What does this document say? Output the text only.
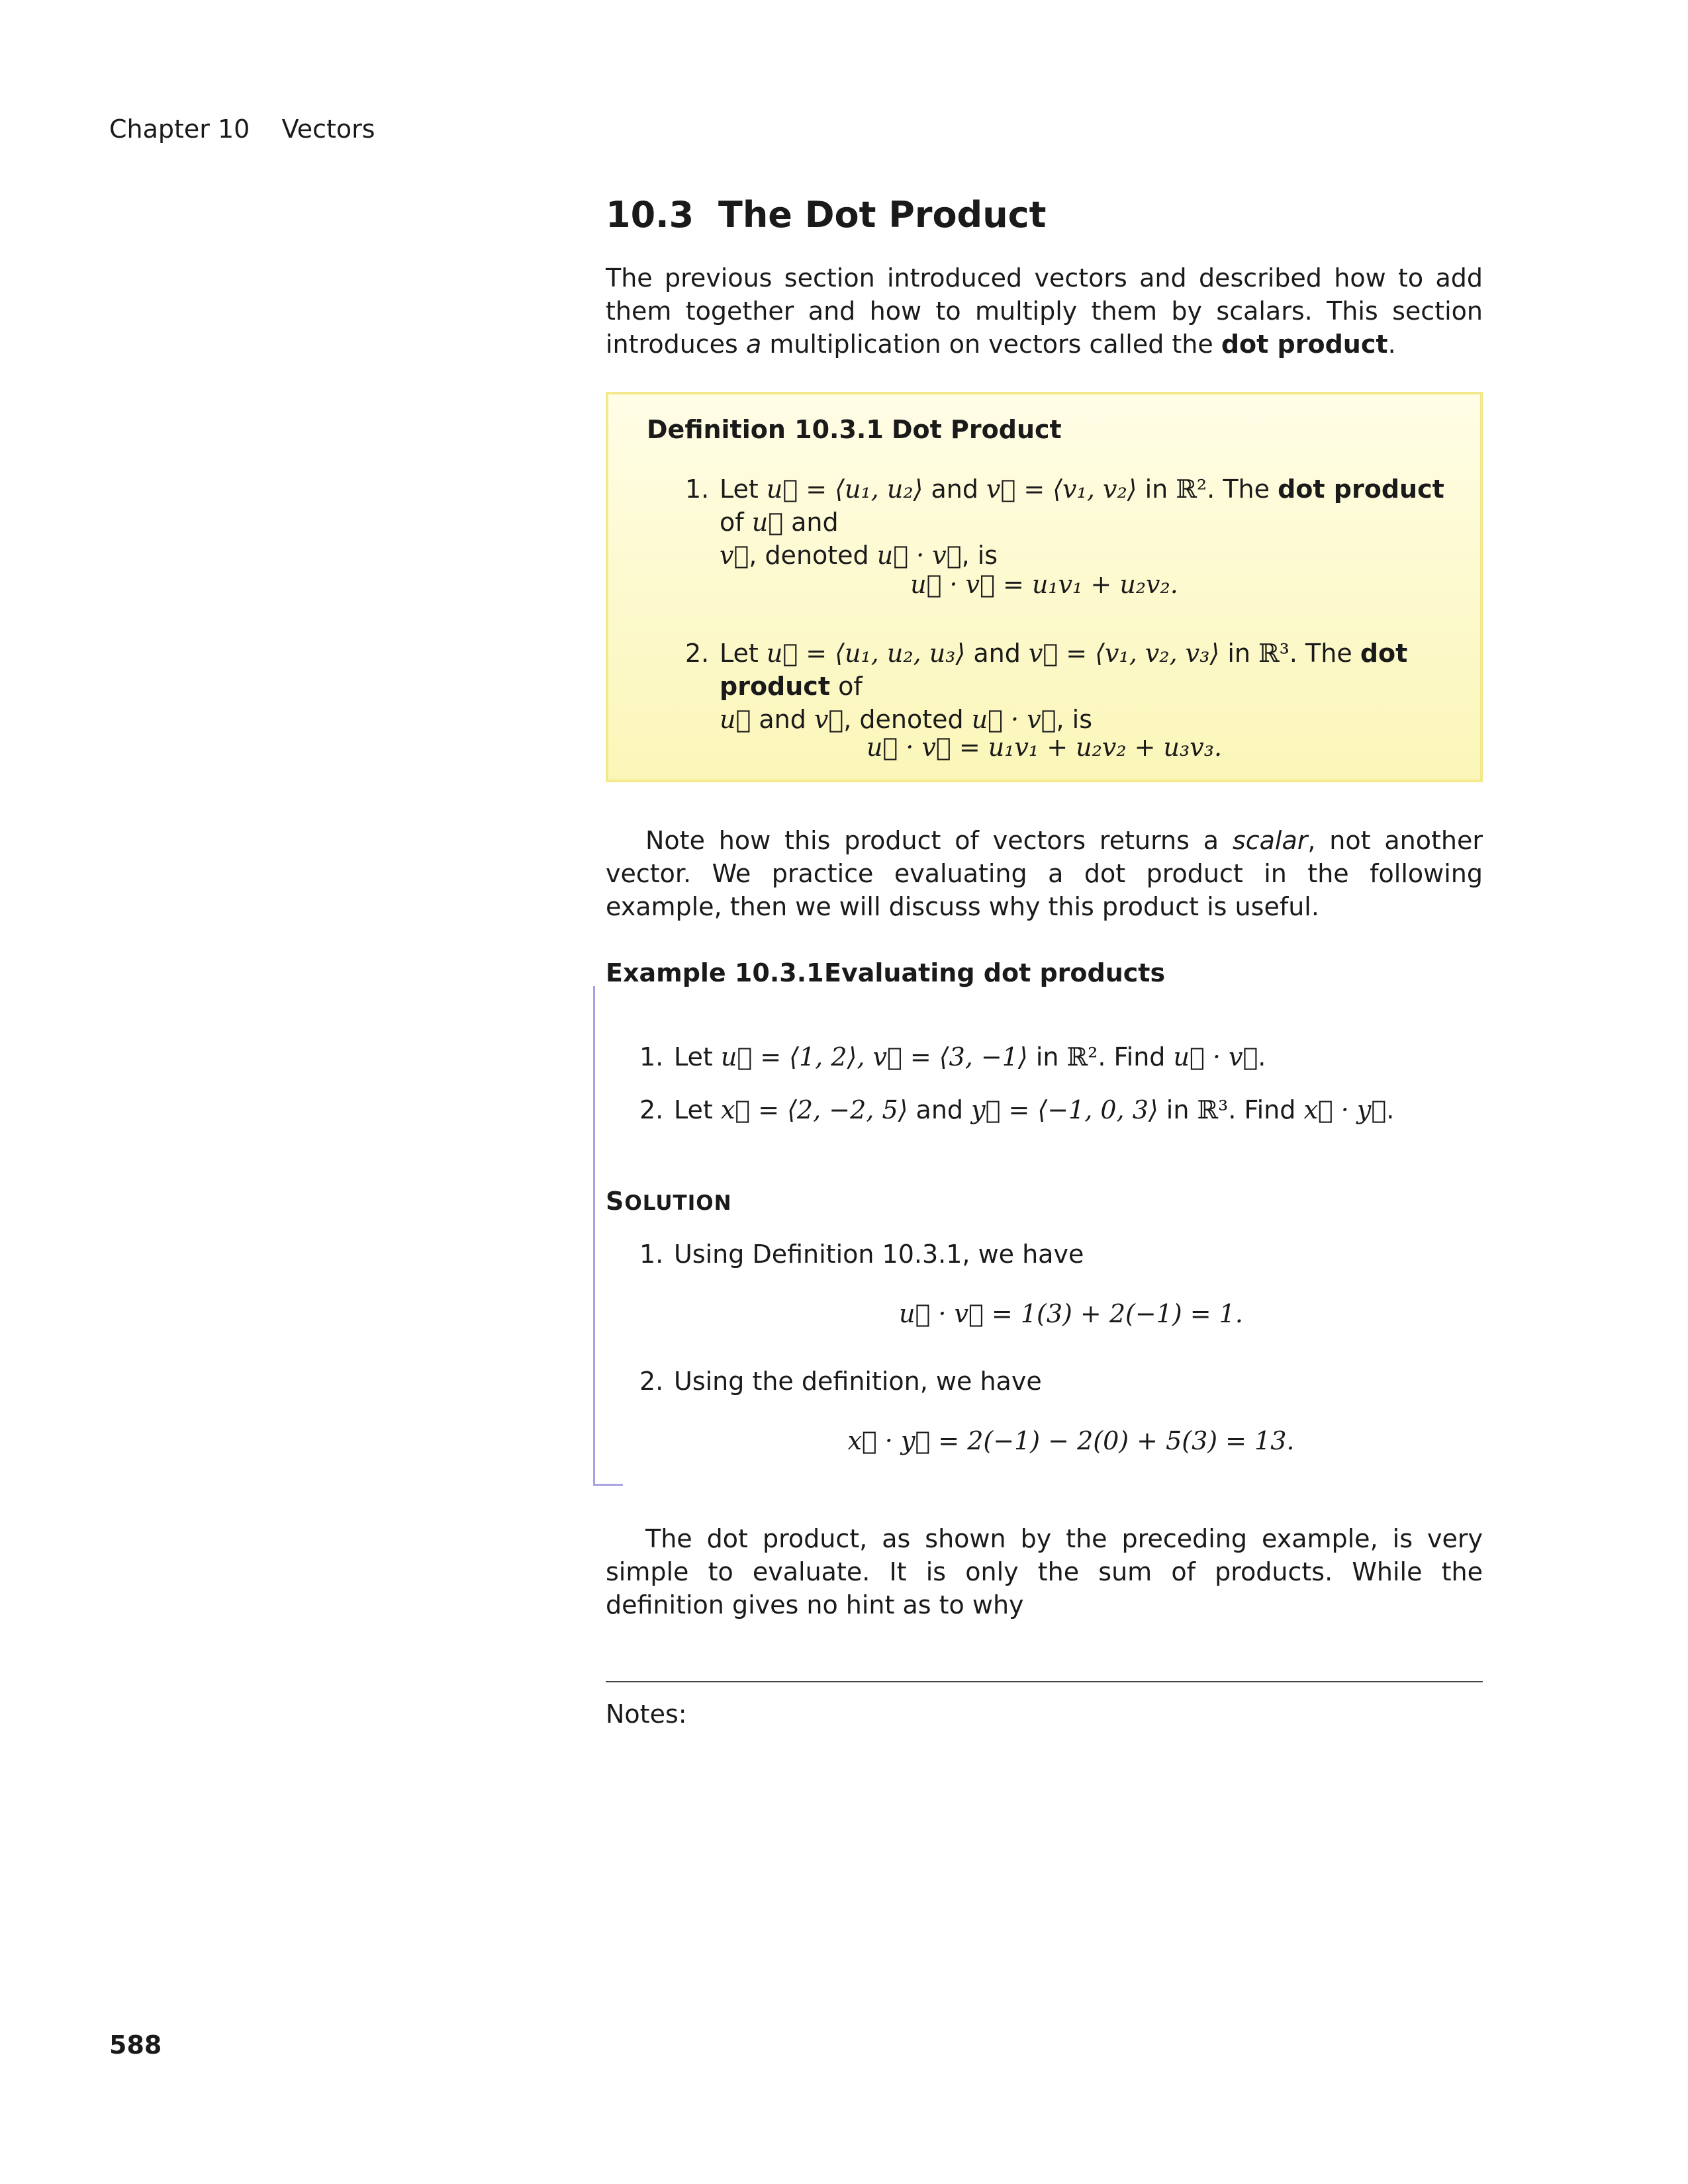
Chapter 10    Vectors
10.3 The Dot Product
The previous section introduced vectors and described how to add them together and how to multiply them by scalars. This section introduces a multiplication on vectors called the dot product.
Definition 10.3.1 Dot Product
1. Let u⃗ = ⟨u₁, u₂⟩ and v⃗ = ⟨v₁, v₂⟩ in ℝ². The dot product of u⃗ and
v⃗, denoted u⃗ · v⃗, is
u⃗ · v⃗ = u₁v₁ + u₂v₂.
2. Let u⃗ = ⟨u₁, u₂, u₃⟩ and v⃗ = ⟨v₁, v₂, v₃⟩ in ℝ³. The dot product of
u⃗ and v⃗, denoted u⃗ · v⃗, is
u⃗ · v⃗ = u₁v₁ + u₂v₂ + u₃v₃.
Note how this product of vectors returns a scalar, not another vector. We practice evaluating a dot product in the following example, then we will discuss why this product is useful.
Example 10.3.1Evaluating dot products
1. Let u⃗ = ⟨1, 2⟩, v⃗ = ⟨3, −1⟩ in ℝ². Find u⃗ · v⃗.
2. Let x⃗ = ⟨2, −2, 5⟩ and y⃗ = ⟨−1, 0, 3⟩ in ℝ³. Find x⃗ · y⃗.
SOLUTION
1. Using Definition 10.3.1, we have
u⃗ · v⃗ = 1(3) + 2(−1) = 1.
2. Using the definition, we have
x⃗ · y⃗ = 2(−1) − 2(0) + 5(3) = 13.
The dot product, as shown by the preceding example, is very simple to evaluate. It is only the sum of products. While the definition gives no hint as to why
Notes:
588
